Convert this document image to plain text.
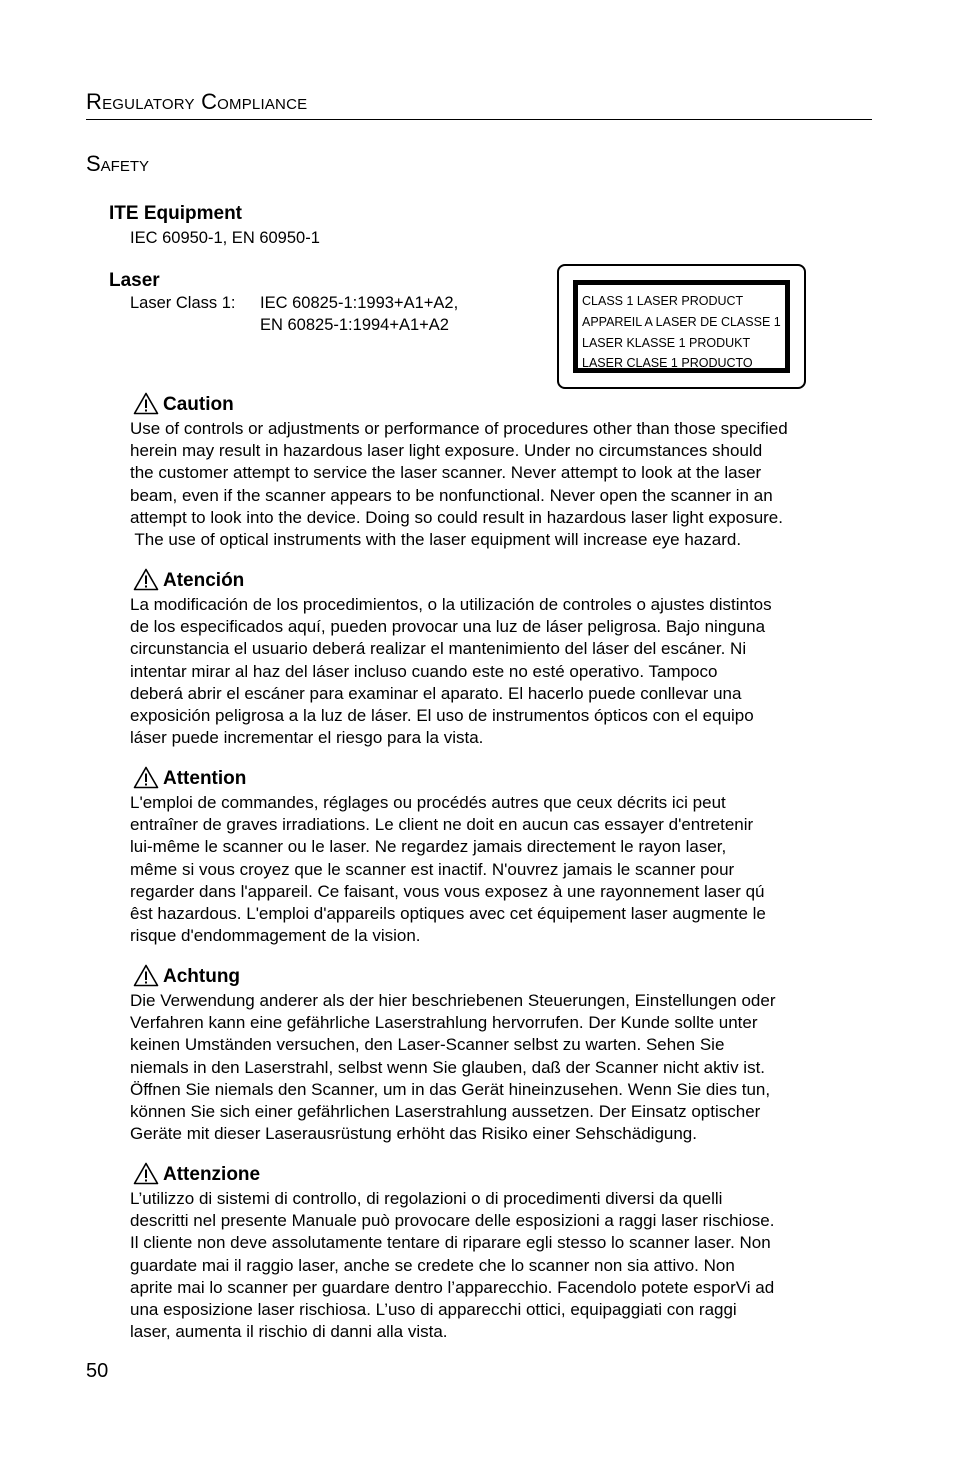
Regulatory Compliance
Safety
ITE Equipment
IEC 60950-1, EN 60950-1
Laser
Laser Class 1: IEC 60825-1:1993+A1+A2,
EN 60825-1:1994+A1+A2
CLASS 1 LASER PRODUCT
APPAREIL A LASER DE CLASSE 1
LASER KLASSE 1 PRODUKT
LASER CLASE 1 PRODUCTO
Caution
Use of controls or adjustments or performance of procedures other than those specified
herein may result in hazardous laser light exposure. Under no circumstances should
the customer attempt to service the laser scanner. Never attempt to look at the laser
beam, even if the scanner appears to be nonfunctional. Never open the scanner in an
attempt to look into the device. Doing so could result in hazardous laser light exposure.
The use of optical instruments with the laser equipment will increase eye hazard.
Atención
La modificación de los procedimientos, o la utilización de controles o ajustes distintos
de los especificados aquí, pueden provocar una luz de láser peligrosa. Bajo ninguna
circunstancia el usuario deberá realizar el mantenimiento del láser del escáner. Ni
intentar mirar al haz del láser incluso cuando este no esté operativo. Tampoco
deberá abrir el escáner para examinar el aparato. El hacerlo puede conllevar una
exposición peligrosa a la luz de láser. El uso de instrumentos ópticos con el equipo
láser puede incrementar el riesgo para la vista.
Attention
L'emploi de commandes, réglages ou procédés autres que ceux décrits ici peut
entraîner de graves irradiations. Le client ne doit en aucun cas essayer d'entretenir
lui-même le scanner ou le laser. Ne regardez jamais directement le rayon laser,
même si vous croyez que le scanner est inactif. N'ouvrez jamais le scanner pour
regarder dans l'appareil. Ce faisant, vous vous exposez à une rayonnement laser qú
êst hazardous. L'emploi d'appareils optiques avec cet équipement laser augmente le
risque d'endommagement de la vision.
Achtung
Die Verwendung anderer als der hier beschriebenen Steuerungen, Einstellungen oder
Verfahren kann eine gefährliche Laserstrahlung hervorrufen. Der Kunde sollte unter
keinen Umständen versuchen, den Laser-Scanner selbst zu warten. Sehen Sie
niemals in den Laserstrahl, selbst wenn Sie glauben, daß der Scanner nicht aktiv ist.
Öffnen Sie niemals den Scanner, um in das Gerät hineinzusehen. Wenn Sie dies tun,
können Sie sich einer gefährlichen Laserstrahlung aussetzen. Der Einsatz optischer
Geräte mit dieser Laserausrüstung erhöht das Risiko einer Sehschädigung.
Attenzione
L’utilizzo di sistemi di controllo, di regolazioni o di procedimenti diversi da quelli
descritti nel presente Manuale può provocare delle esposizioni a raggi laser rischiose.
Il cliente non deve assolutamente tentare di riparare egli stesso lo scanner laser. Non
guardate mai il raggio laser, anche se credete che lo scanner non sia attivo. Non
aprite mai lo scanner per guardare dentro l’apparecchio. Facendolo potete esporVi ad
una esposizione laser rischiosa. L’uso di apparecchi ottici, equipaggiati con raggi
laser, aumenta il rischio di danni alla vista.
50
